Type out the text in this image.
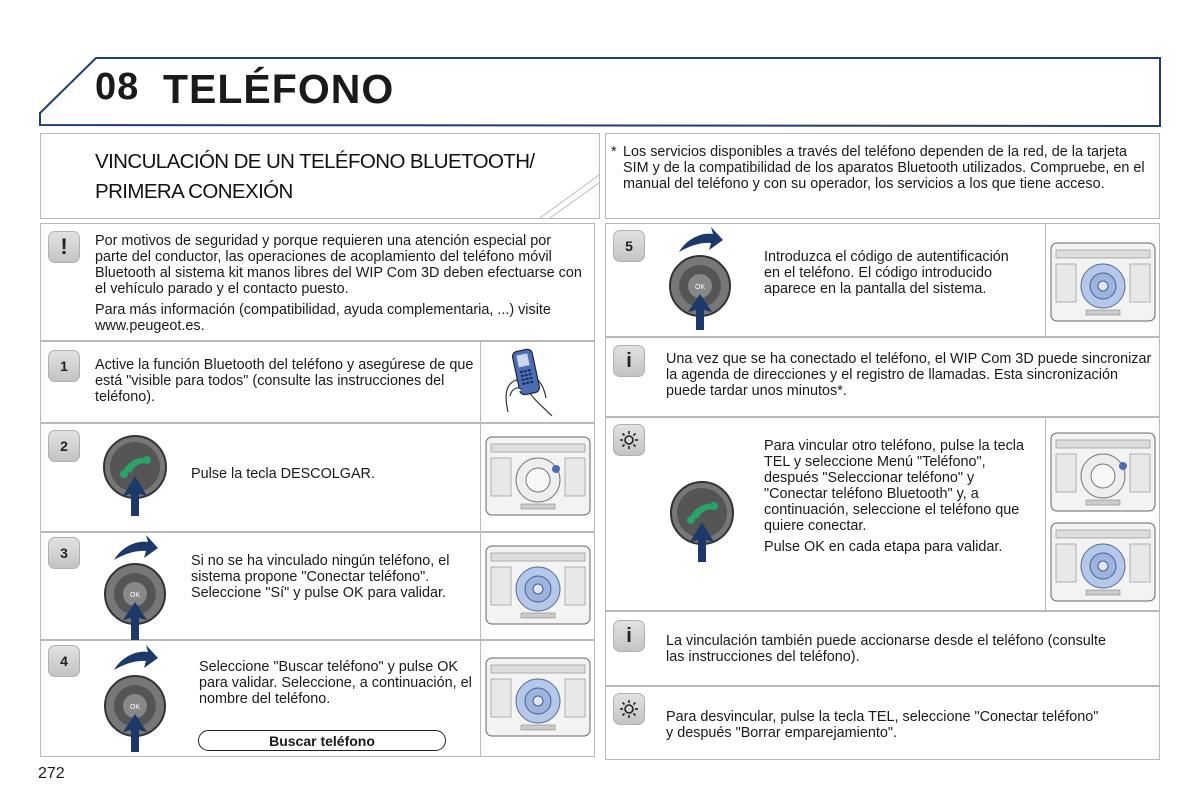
08 TELÉFONO
VINCULACIÓN DE UN TELÉFONO BLUETOOTH/
PRIMERA CONEXIÓN
* Los servicios disponibles a través del teléfono dependen de la red, de la tarjeta SIM y de la compatibilidad de los aparatos Bluetooth utilizados. Compruebe, en el manual del teléfono y con su operador, los servicios a los que tiene acceso.
!	Por motivos de seguridad y porque requieren una atención especial por parte del conductor, las operaciones de acoplamiento del teléfono móvil Bluetooth al sistema kit manos libres del WIP Com 3D deben efectuarse con el vehículo parado y el contacto puesto.

Para más información (compatibilidad, ayuda complementaria, ...) visite www.peugeot.es.

1	Active la función Bluetooth del teléfono y asegúrese de que está "visible para todos" (consulte las instrucciones del teléfono).
2
Pulse la tecla DESCOLGAR.
3
OK
Si no se ha vinculado ningún teléfono, el sistema propone "Conectar teléfono". Seleccione "Sí" y pulse OK para validar.
4
OK
Seleccione "Buscar teléfono" y pulse OK para validar. Seleccione, a continuación, el nombre del teléfono.
Buscar teléfono
5
OK
Introduzca el código de autentificación en el teléfono. El código introducido aparece en la pantalla del sistema.
i	Una vez que se ha conectado el teléfono, el WIP Com 3D puede sincronizar la agenda de direcciones y el registro de llamadas. Esta sincronización puede tardar unos minutos*.

Para vincular otro teléfono, pulse la tecla TEL y seleccione Menú "Teléfono", después "Seleccionar teléfono" y "Conectar teléfono Bluetooth" y, a continuación, seleccione el teléfono que quiere conectar.

Pulse OK en cada etapa para validar.

i	La vinculación también puede accionarse desde el teléfono (consulte las instrucciones del teléfono).
Para desvincular, pulse la tecla TEL, seleccione "Conectar teléfono" y después "Borrar emparejamiento".
272
